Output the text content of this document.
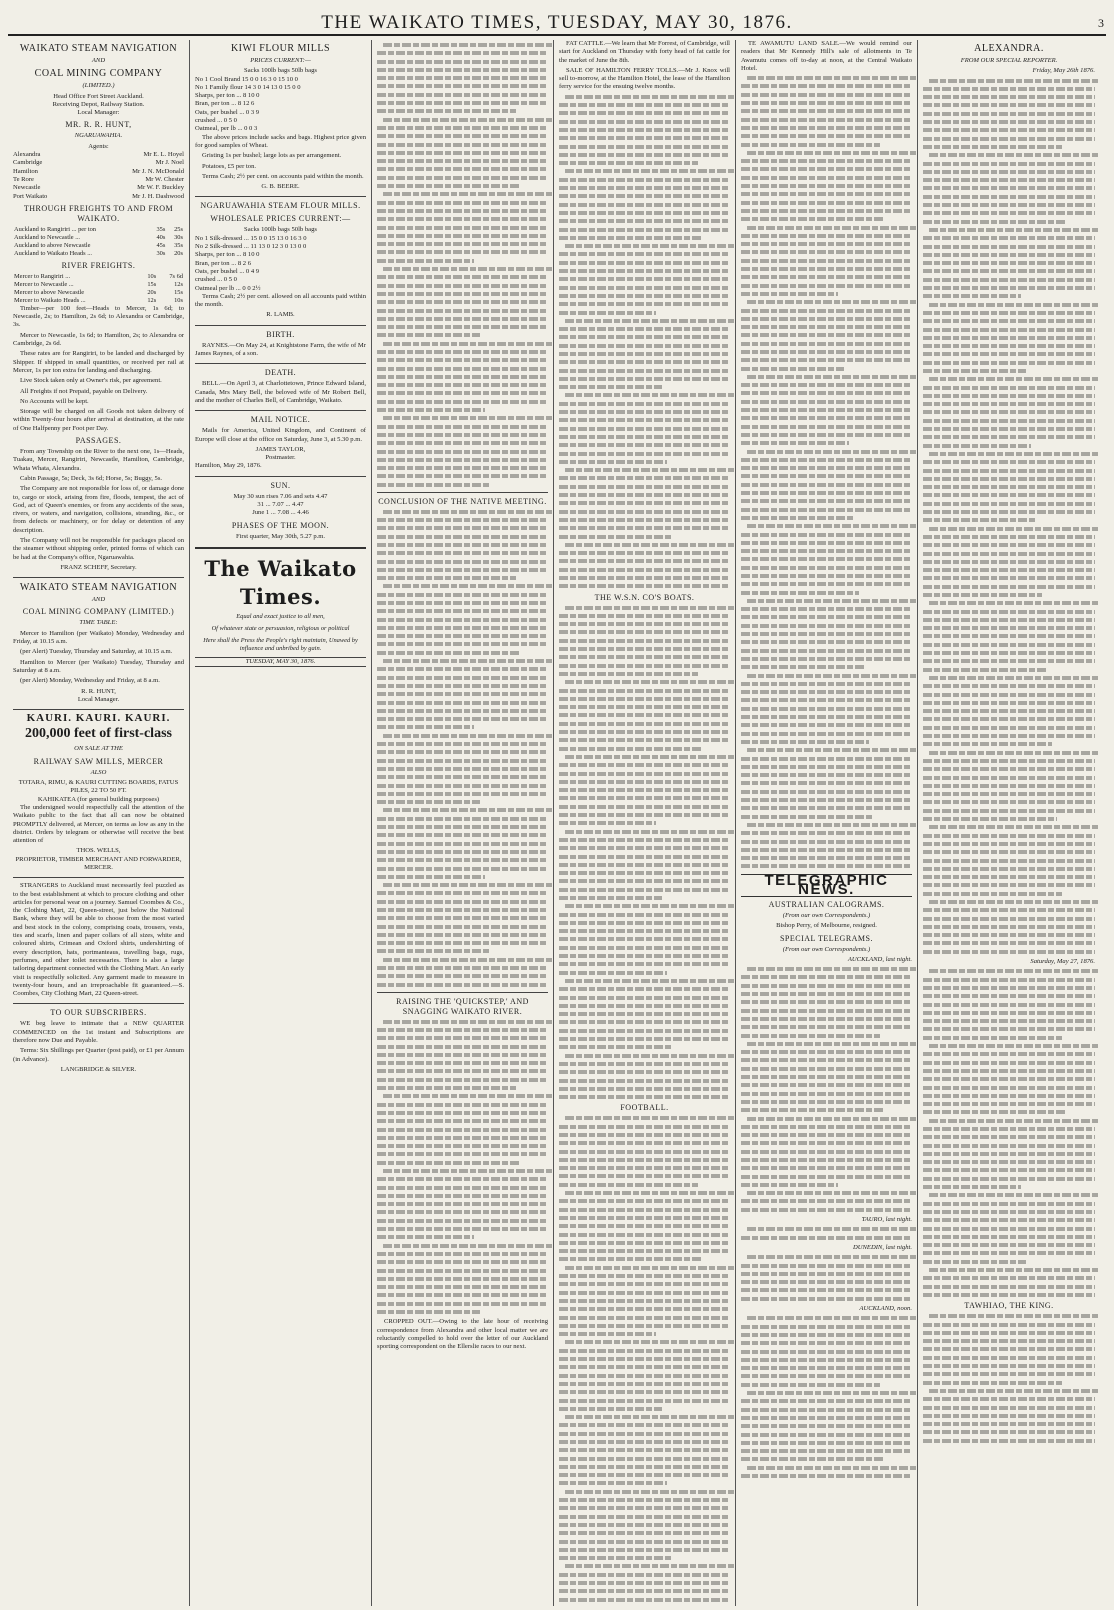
THE WAIKATO TIMES, TUESDAY, MAY 30, 1876.	3
WAIKATO STEAM NAVIGATION
AND
COAL MINING COMPANY
(LIMITED.)
Head Office Fort Street Auckland.
Receiving Depot, Railway Station.
Local Manager:
MR. R. R. HUNT,
NGARUAWAHIA.
Agents:
Alexandra	Mr E. L. Hoyel
Cambridge	Mr J. Noel
Hamilton	Mr J. N. McDonald
Te Rore	Mr W. Chester
Newcastle	Mr W. F. Buckley
Port Waikato	Mr J. H. Dashwood
THROUGH FREIGHTS TO AND FROM WAIKATO.
Auckland to Rangiriri ... per ton	35s	25s
Auckland to Newcastle ...	40s	30s
Auckland to above Newcastle	45s	35s
Auckland to Waikato Heads ...	30s	20s
RIVER FREIGHTS.
Mercer to Rangiriri ...	10s	7s 6d
Mercer to Newcastle ...	15s	12s
Mercer to above Newcastle	20s	15s
Mercer to Waikato Heads ...	12s	10s

Timber—per 100 feet—Heads to Mercer, 1s 6d; to Newcastle, 2s; to Hamilton, 2s 6d; to Alexandra or Cambridge, 3s.

Mercer to Newcastle, 1s 6d; to Hamilton, 2s; to Alexandra or Cambridge, 2s 6d.

These rates are for Rangiriri, to be landed and discharged by Shipper. If shipped in small quantities, or received per rail at Mercer, 1s per ton extra for landing and discharging.

Live Stock taken only at Owner's risk, per agreement.

All Freights if not Prepaid, payable on Delivery.

No Accounts will be kept.

Storage will be charged on all Goods not taken delivery of within Twenty-four hours after arrival at destination, at the rate of One Halfpenny per Foot per Day.

PASSAGES.

From any Township on the River to the next one, 1s—Heads, Tuakau, Mercer, Rangiriri, Newcastle, Hamilton, Cambridge, Whata Whata, Alexandra.

Cabin Passage, 5s; Deck, 3s 6d; Horse, 5s; Buggy, 5s.

The Company are not responsible for loss of, or damage done to, cargo or stock, arising from fire, floods, tempest, the act of God, act of Queen's enemies, or from any accidents of the seas, rivers, or waters, and navigation, collisions, stranding, &c., or from defects or machinery, or for delay or detention of any description.

The Company will not be responsible for packages placed on the steamer without shipping order, printed forms of which can be had at the Company's office, Ngaruawahia.

FRANZ SCHEFF, Secretary.
WAIKATO STEAM NAVIGATION
AND
COAL MINING COMPANY (LIMITED.)
TIME TABLE:

Mercer to Hamilton (per Waikato) Monday, Wednesday and Friday, at 10.15 a.m.

(per Alert) Tuesday, Thursday and Saturday, at 10.15 a.m.

Hamilton to Mercer (per Waikato) Tuesday, Thursday and Saturday at 8 a.m.

(per Alert) Monday, Wednesday and Friday, at 8 a.m.

R. R. HUNT,
Local Manager.
KAURI. KAURI. KAURI.
200,000 feet of first-class
ON SALE AT THE
RAILWAY SAW MILLS, MERCER
ALSO
TOTARA, RIMU, & KAURI CUTTING BOARDS, FATUS PILES, 22 TO 50 FT.
KAHIKATEA (for general building purposes)

The undersigned would respectfully call the attention of the Waikato public to the fact that all can now be obtained PROMPTLY delivered, at Mercer, on terms as low as any in the district. Orders by telegram or otherwise will receive the best attention of

THOS. WELLS,
PROPRIETOR, TIMBER MERCHANT AND FORWARDER,
MERCER.

STRANGERS to Auckland must necessarily feel puzzled as to the best establishment at which to procure clothing and other articles for personal wear on a journey. Samuel Coombes & Co., the Clothing Mart, 22, Queen-street, just below the National Bank, where they will be able to choose from the most varied and best stock in the colony, comprising coats, trousers, vests, ties and scarfs, linen and paper collars of all sizes, white and coloured shirts, Crimean and Oxford shirts, undershirting of every description, hats, portmanteaus, travelling bags, rugs, perfumes, and other toilet necessaries. There is also a large tailoring department connected with the Clothing Mart. An early visit is respectfully solicited. Any garment made to measure in twenty-four hours, and an irreproachable fit guaranteed.—S. Coombes, City Clothing Mart, 22 Queen-street.

TO OUR SUBSCRIBERS.

WE beg leave to intimate that a NEW QUARTER COMMENCED on the 1st instant and Subscriptions are therefore now Due and Payable.

Terms: Six Shillings per Quarter (post paid), or £1 per Annum (in Advance).

LANGBRIDGE & SILVER.
KIWI FLOUR MILLS
PRICES CURRENT:—
Sacks 100lb bags 50lb bags
No 1 Cool Brand 15 0 0 16 3 0 15 10 0
No 1 Family flour 14 3 0 14 13 0 15 0 0
Sharps, per ton ... 8 10 0
Bran, per ton ... 8 12 6
Oats, per bushel ... 0 3 9
crushed ... 0 5 0
Oatmeal, per lb ... 0 0 3

The above prices include sacks and bags. Highest price given for good samples of Wheat.

Gristing 1s per bushel; large lots as per arrangement.

Potatoes, £5 per ton.

Terms Cash; 2½ per cent. on accounts paid within the month.

G. B. BEERE.
NGARUAWAHIA STEAM FLOUR MILLS.
WHOLESALE PRICES CURRENT:—
Sacks 100lb bags 50lb bags
No 1 Silk-dressed ... 15 0 0 15 13 0 16 3 0
No 2 Silk-dressed ... 11 13 0 12 3 0 13 0 0
Sharps, per ton ... 8 10 0
Bran, per ton ... 8 2 6
Oats, per bushel ... 0 4 9
crushed ... 0 5 0
Oatmeal per lb ... 0 0 2½

Terms Cash; 2½ per cent. allowed on all accounts paid within the month.

R. LAMB.
BIRTH.

RAYNES.—On May 24, at Knightstone Farm, the wife of Mr James Raynes, of a son.

DEATH.

BELL.—On April 3, at Charlottetown, Prince Edward Island, Canada, Mrs Mary Bell, the beloved wife of Mr Robert Bell, and the mother of Charles Bell, of Cambridge, Waikato.

MAIL NOTICE.

Mails for America, United Kingdom, and Continent of Europe will close at the office on Saturday, June 3, at 5.30 p.m.

JAMES TAYLOR,
Postmaster.
Hamilton, May 29, 1876.
SUN.
May 30 sun rises 7.06 and sets 4.47
31 ... 7.07 ... 4.47
June 1 ... 7.08 ... 4.46
PHASES OF THE MOON.
First quarter, May 30th, 5.27 p.m.
The Waikato Times.
Equal and exact justice to all men,
Of whatever state or persuasion, religious or political
Here shall the Press the People's right maintain, Unawed by influence and unbribed by gain.
TUESDAY, MAY 30, 1876.
CONCLUSION OF THE NATIVE MEETING.
RAISING THE 'QUICKSTEP,' AND SNAGGING WAIKATO RIVER.

CROPPED OUT.—Owing to the late hour of receiving correspondence from Alexandra and other local matter we are reluctantly compelled to hold over the letter of our Auckland sporting correspondent on the Ellerslie races to our next.

FAT CATTLE.—We learn that Mr Forrest, of Cambridge, will start for Auckland on Thursday with forty head of fat cattle for the market of June the 8th.

SALE OF HAMILTON FERRY TOLLS.—Mr J. Knox will sell to-morrow, at the Hamilton Hotel, the lease of the Hamilton ferry service for the ensuing twelve months.

THE W.S.N. CO'S BOATS.
FOOTBALL.

TE AWAMUTU LAND SALE.—We would remind our readers that Mr Kennedy Hill's sale of allotments in Te Awamutu comes off to-day at noon, at the Central Waikato Hotel.

TELEGRAPHIC NEWS.
AUSTRALIAN CALOGRAMS.
(From our own Correspondents.)
Bishop Perry, of Melbourne, resigned.
SPECIAL TELEGRAMS.
(From our own Correspondents.)
AUCKLAND, last night.
TAURO, last night.
DUNEDIN, last night.
AUCKLAND, noon.
ALEXANDRA.
FROM OUR SPECIAL REPORTER.
Friday, May 26th 1876.
Saturday, May 27, 1876.
TAWHIAO, THE KING.
